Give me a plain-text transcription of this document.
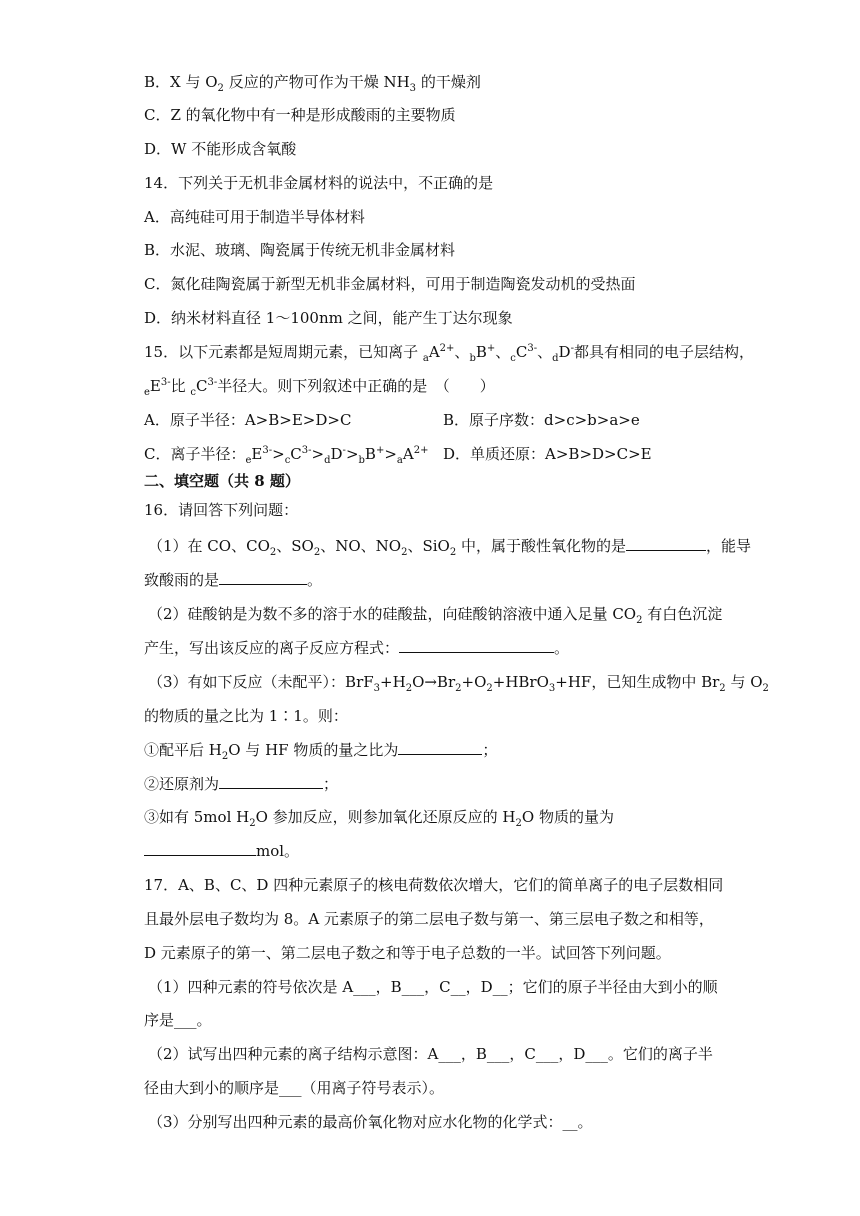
B．X 与 $O_2$ 反应的产物可作为干燥 $NH_3$ 的干燥剂
C．Z 的氧化物中有一种是形成酸雨的主要物质
D．W 不能形成含氧酸
14．下列关于无机非金属材料的说法中，不正确的是
A．高纯硅可用于制造半导体材料
B．水泥、玻璃、陶瓷属于传统无机非金属材料
C．氮化硅陶瓷属于新型无机非金属材料，可用于制造陶瓷发动机的受热面
D．纳米材料直径 1～100nm 之间，能产生丁达尔现象
15．以下元素都是短周期元素，已知离子 $_aA^{2+}$、$_b$B+、$_cC^{3-}$、$_d$D-都具有相同的电子层结构，
$_eE^{3-}$比 $_cC^{3-}$半径大。则下列叙述中正确的是　（　　）
A．原子半径：A>B>E>D>C	B．原子序数：d>c>b>a>e
C．离子半径：$_eE^{3-}>_cC^{3-}>_dD^->_bB^+>_aA^{2+}$ D．单质还原：A>B>D>C>E
二、填空题（共 8 题）
16．请回答下列问题：
（1）在 CO、$CO_2$、$SO_2$、NO、$NO_2$、SiO$_2$ 中，属于酸性氧化物的是	，能导
致酸雨的是	。
（2）硅酸钠是为数不多的溶于水的硅酸盐，向硅酸钠溶液中通入足量 $CO_2$ 有白色沉淀
产生，写出该反应的离子反应方程式：	。
（3）有如下反应（未配平）：$BrF_3+H_2O\to Br_2+O_2+HBrO_3+HF$，已知生成物中 $Br_2$ 与 $O_2$
的物质的量之比为 1∶1。则：
①配平后 $H_2O$ 与 HF 物质的量之比为	；
②还原剂为	；
③如有 5mol $H_2O$ 参加反应，则参加氧化还原反应的 $H_2O$ 物质的量为
mol。
17．A、B、C、D 四种元素原子的核电荷数依次增大，它们的简单离子的电子层数相同
且最外层电子数均为 8。A 元素原子的第二层电子数与第一、第三层电子数之和相等，
D 元素原子的第一、第二层电子数之和等于电子总数的一半。试回答下列问题。
（1）四种元素的符号依次是 A___，B___，C__，D__；它们的原子半径由大到小的顺
序是___。
（2）试写出四种元素的离子结构示意图：A___，B___，C___，D___。它们的离子半
径由大到小的顺序是___（用离子符号表示）。
（3）分别写出四种元素的最高价氧化物对应水化物的化学式：__。
